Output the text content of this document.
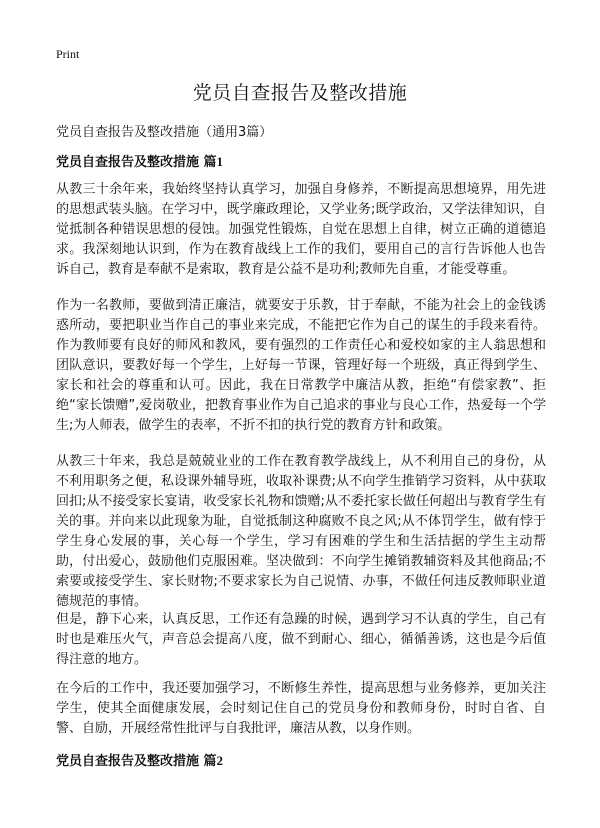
Print
党员自查报告及整改措施

党员自查报告及整改措施（通用3篇）

党员自查报告及整改措施 篇1

从教三十余年来，我始终坚持认真学习，加强自身修养，不断提高思想境界，用先进的思想武装头脑。在学习中，既学廉政理论，又学业务;既学政治，又学法律知识，自觉抵制各种错误思想的侵蚀。加强党性锻炼，自觉在思想上自律，树立正确的道德追求。我深刻地认识到，作为在教育战线上工作的我们，要用自己的言行告诉他人也告诉自己，教育是奉献不是索取，教育是公益不是功利;教师先自重，才能受尊重。

作为一名教师，要做到清正廉洁，就要安于乐教，甘于奉献，不能为社会上的金钱诱惑所动，要把职业当作自己的事业来完成，不能把它作为自己的谋生的手段来看待。作为教师要有良好的师风和教风，要有强烈的工作责任心和爱校如家的主人翁思想和团队意识，要教好每一个学生，上好每一节课，管理好每一个班级，真正得到学生、家长和社会的尊重和认可。因此，我在日常教学中廉洁从教，拒绝“有偿家教”、拒绝“家长馈赠”,爱岗敬业，把教育事业作为自己追求的事业与良心工作，热爱每一个学生;为人师表，做学生的表率，不折不扣的执行党的教育方针和政策。

从教三十年来，我总是兢兢业业的工作在教育教学战线上，从不利用自己的身份，从不利用职务之便，私设课外辅导班，收取补课费;从不向学生推销学习资料，从中获取回扣;从不接受家长宴请，收受家长礼物和馈赠;从不委托家长做任何超出与教育学生有关的事。并向来以此现象为耻，自觉抵制这种腐败不良之风;从不体罚学生，做有悖于学生身心发展的事，关心每一个学生，学习有困难的学生和生活拮据的学生主动帮助，付出爱心，鼓励他们克服困难。坚决做到：不向学生摊销教辅资料及其他商品;不索要或接受学生、家长财物;不要求家长为自己说情、办事，不做任何违反教师职业道德规范的事情。

但是，静下心来，认真反思，工作还有急躁的时候，遇到学习不认真的学生，自己有时也是难压火气，声音总会提高八度，做不到耐心、细心，循循善诱，这也是今后值得注意的地方。

在今后的工作中，我还要加强学习，不断修生养性，提高思想与业务修养，更加关注学生，使其全面健康发展，会时刻记住自己的党员身份和教师身份，时时自省、自警、自励，开展经常性批评与自我批评，廉洁从教，以身作则。

党员自查报告及整改措施 篇2
